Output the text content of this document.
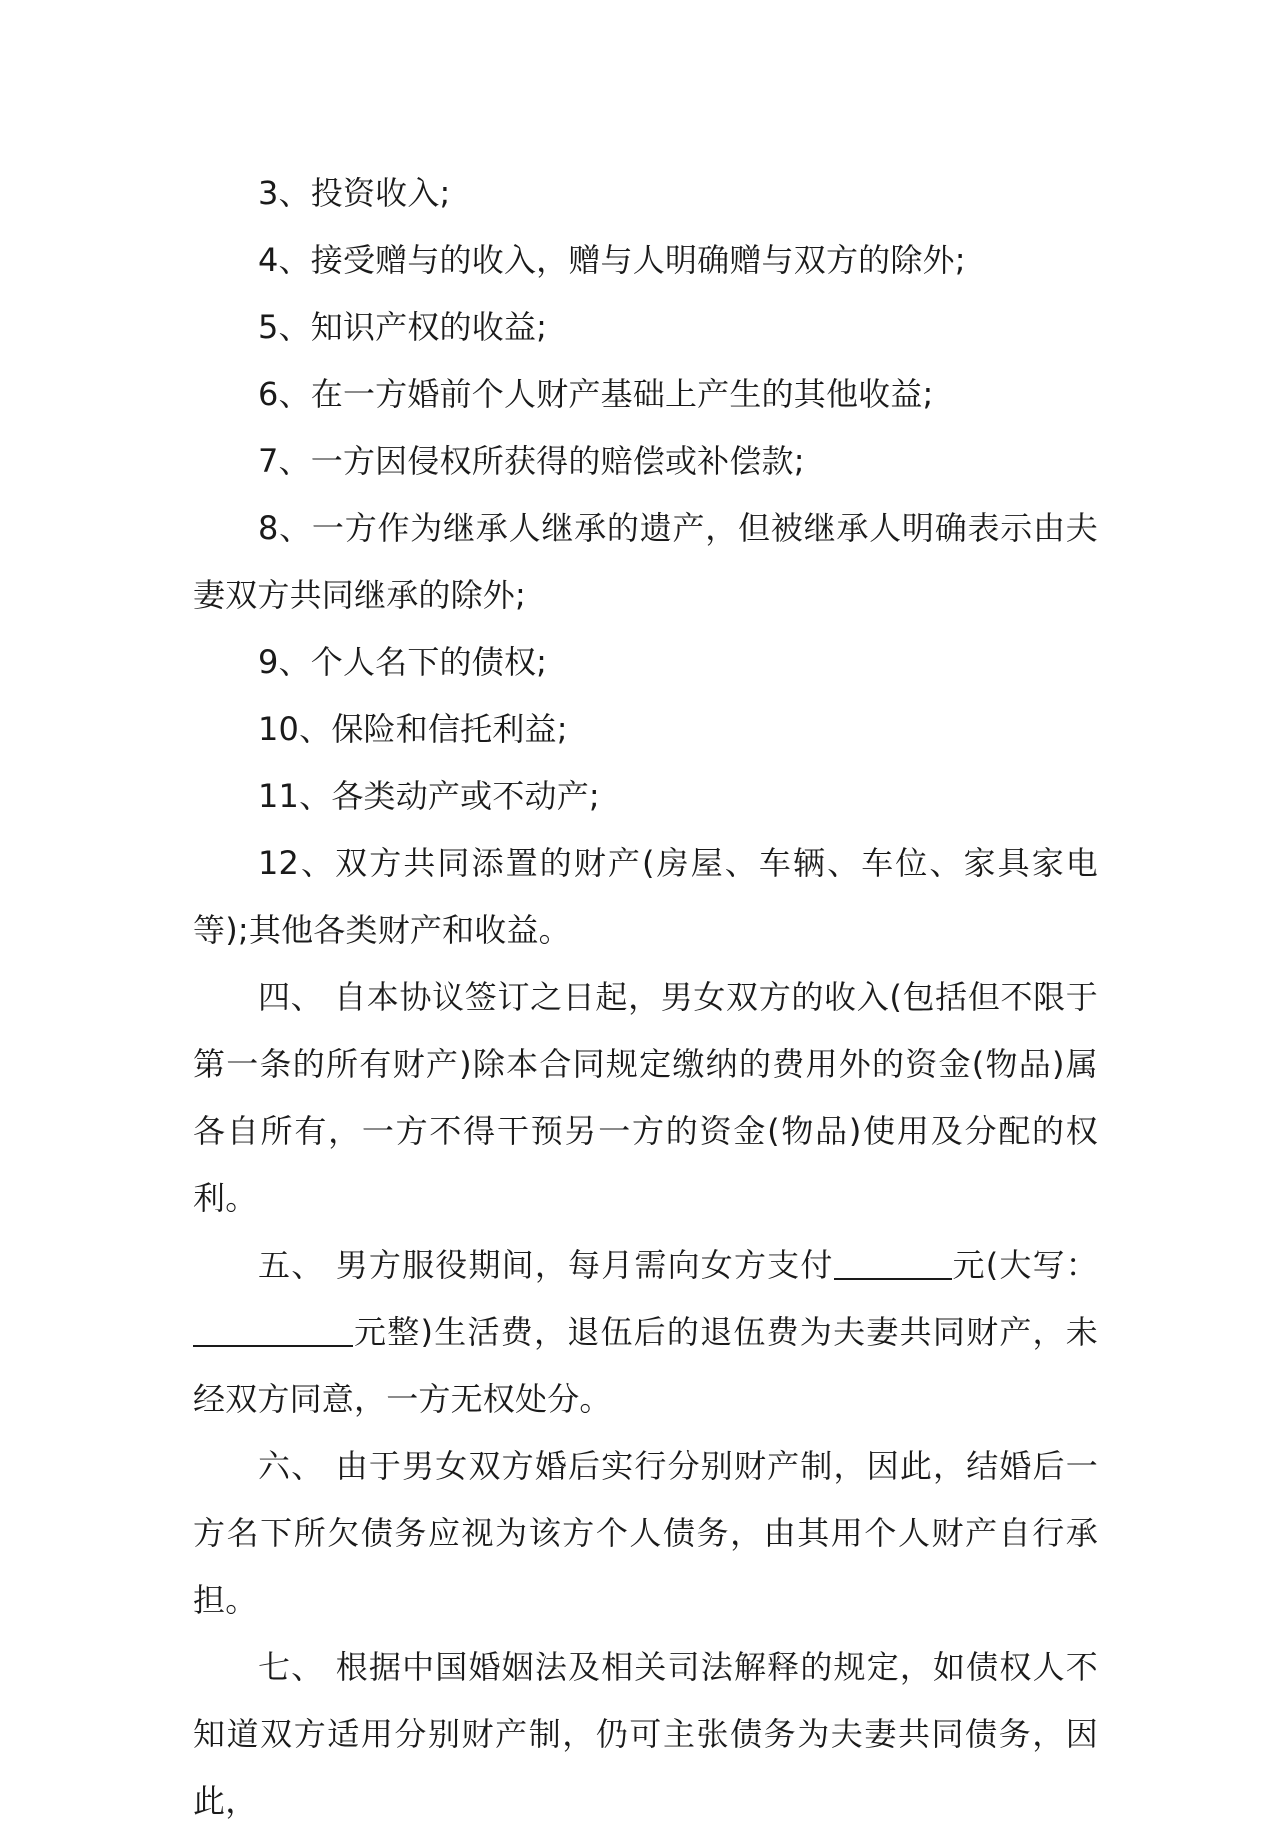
3、投资收入;

4、接受赠与的收入，赠与人明确赠与双方的除外;

5、知识产权的收益;

6、在一方婚前个人财产基础上产生的其他收益;

7、一方因侵权所获得的赔偿或补偿款;

8、一方作为继承人继承的遗产，但被继承人明确表示由夫妻双方共同继承的除外;

9、个人名下的债权;

10、保险和信托利益;

11、各类动产或不动产;

12、双方共同添置的财产(房屋、车辆、车位、家具家电等);其他各类财产和收益。

四、 自本协议签订之日起，男女双方的收入(包括但不限于第一条的所有财产)除本合同规定缴纳的费用外的资金(物品)属各自所有，一方不得干预另一方的资金(物品)使用及分配的权利。

五、 男方服役期间，每月需向女方支付	元(大写：元整)生活费，退伍后的退伍费为夫妻共同财产，未经双方同意，一方无权处分。

六、 由于男女双方婚后实行分别财产制，因此，结婚后一方名下所欠债务应视为该方个人债务，由其用个人财产自行承担。

七、 根据中国婚姻法及相关司法解释的规定，如债权人不知道双方适用分别财产制，仍可主张债务为夫妻共同债务，因此，
